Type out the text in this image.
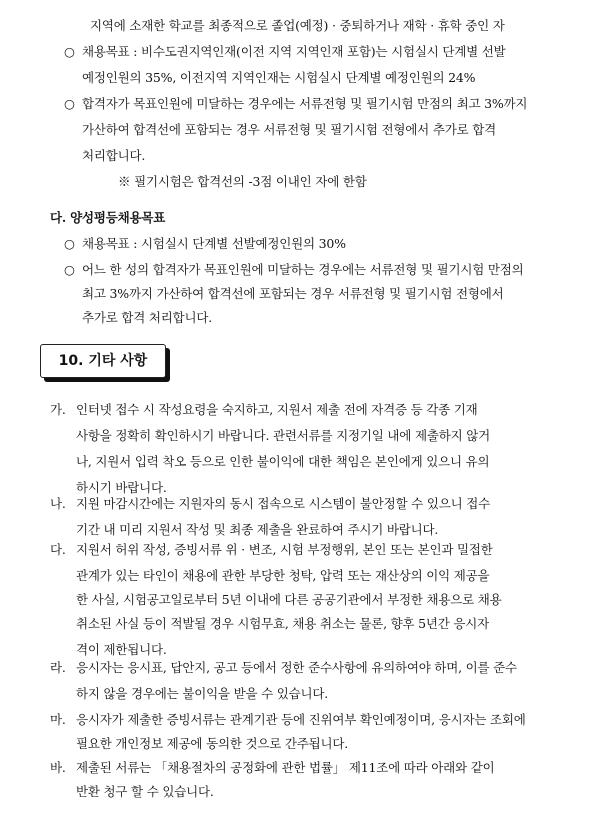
지역에 소재한 학교를 최종적으로 졸업(예정) · 중퇴하거나 재학 · 휴학 중인 자
○ 채용목표 : 비수도권지역인재(이전 지역 지역인재 포함)는 시험실시 단계별 선발
예정인원의 35%, 이전지역 지역인재는 시험실시 단계별 예정인원의 24%
○ 합격자가 목표인원에 미달하는 경우에는 서류전형 및 필기시험 만점의 최고 3%까지
가산하여 합격선에 포함되는 경우 서류전형 및 필기시험 전형에서 추가로 합격
처리합니다.
※ 필기시험은 합격선의 -3점 이내인 자에 한함
다. 양성평등채용목표
○ 채용목표 : 시험실시 단계별 선발예정인원의 30%
○ 어느 한 성의 합격자가 목표인원에 미달하는 경우에는 서류전형 및 필기시험 만점의
최고 3%까지 가산하여 합격선에 포함되는 경우 서류전형 및 필기시험 전형에서
추가로 합격 처리합니다.
10. 기타 사항
가. 인터넷 접수 시 작성요령을 숙지하고, 지원서 제출 전에 자격증 등 각종 기재
사항을 정확히 확인하시기 바랍니다. 관련서류를 지정기일 내에 제출하지 않거
나, 지원서 입력 착오 등으로 인한 불이익에 대한 책임은 본인에게 있으니 유의
하시기 바랍니다.
나. 지원 마감시간에는 지원자의 동시 접속으로 시스템이 불안정할 수 있으니 접수
기간 내 미리 지원서 작성 및 최종 제출을 완료하여 주시기 바랍니다.
다. 지원서 허위 작성, 증빙서류 위 · 변조, 시험 부정행위, 본인 또는 본인과 밀접한
관계가 있는 타인이 채용에 관한 부당한 청탁, 압력 또는 재산상의 이익 제공을
한 사실, 시험공고일로부터 5년 이내에 다른 공공기관에서 부정한 채용으로 채용
취소된 사실 등이 적발될 경우 시험무효, 채용 취소는 물론, 향후 5년간 응시자
격이 제한됩니다.
라. 응시자는 응시표, 답안지, 공고 등에서 정한 준수사항에 유의하여야 하며, 이를 준수
하지 않을 경우에는 불이익을 받을 수 있습니다.
마. 응시자가 제출한 증빙서류는 관계기관 등에 진위여부 확인예정이며, 응시자는 조회에
필요한 개인정보 제공에 동의한 것으로 간주됩니다.
바. 제출된 서류는 「채용절차의 공정화에 관한 법률」 제11조에 따라 아래와 같이
반환 청구 할 수 있습니다.
